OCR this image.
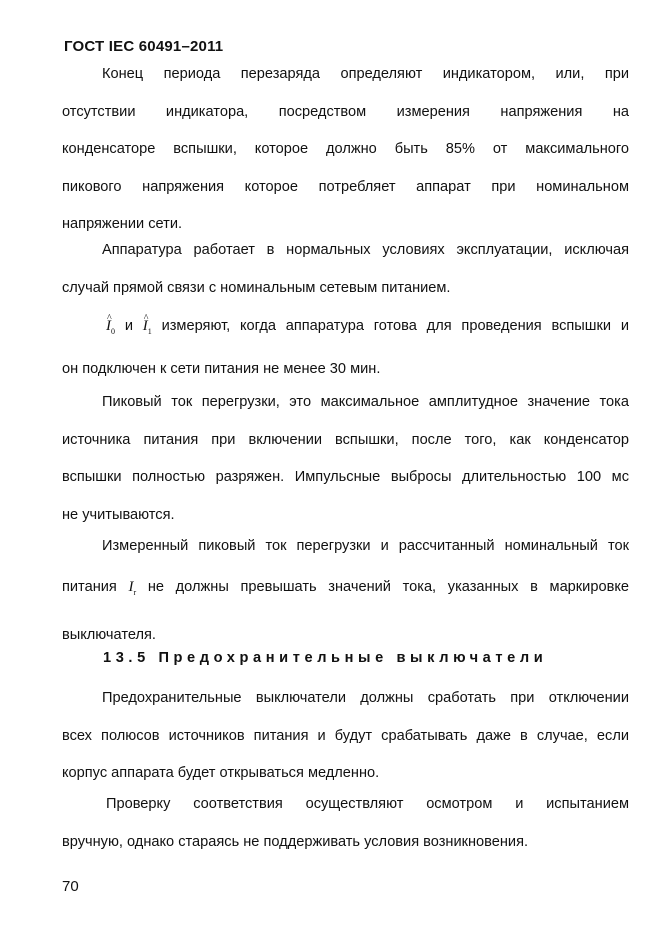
ГОСТ IEC 60491–2011

Конец периода перезаряда определяют индикатором, или, при
отсутствии индикатора, посредством измерения напряжения на
конденсаторе вспышки, которое должно быть 85% от максимального
пикового напряжения которое потребляет аппарат при номинальном
напряжении сети.

Аппаратура работает в нормальных условиях эксплуатации, исключая
случай прямой связи с номинальным сетевым питанием.

^ $I_0$ и ^ $I_1$ измеряют, когда аппаратура готова для проведения вспышки и
он подключен к сети питания не менее 30 мин.

Пиковый ток перегрузки, это максимальное амплитудное значение тока
источника питания при включении вспышки, после того, как конденсатор
вспышки полностью разряжен. Импульсные выбросы длительностью 100 мс
не учитываются.

Измеренный пиковый ток перегрузки и рассчитанный номинальный ток
питания $I_r$ не должны превышать значений тока, указанных в маркировке
выключателя.

13.5 Предохранительные выключатели

Предохранительные выключатели должны сработать при отключении
всех полюсов источников питания и будут срабатывать даже в случае, если
корпус аппарата будет открываться медленно.

Проверку соответствия осуществляют осмотром и испытанием
вручную, однако стараясь не поддерживать условия возникновения.

70
